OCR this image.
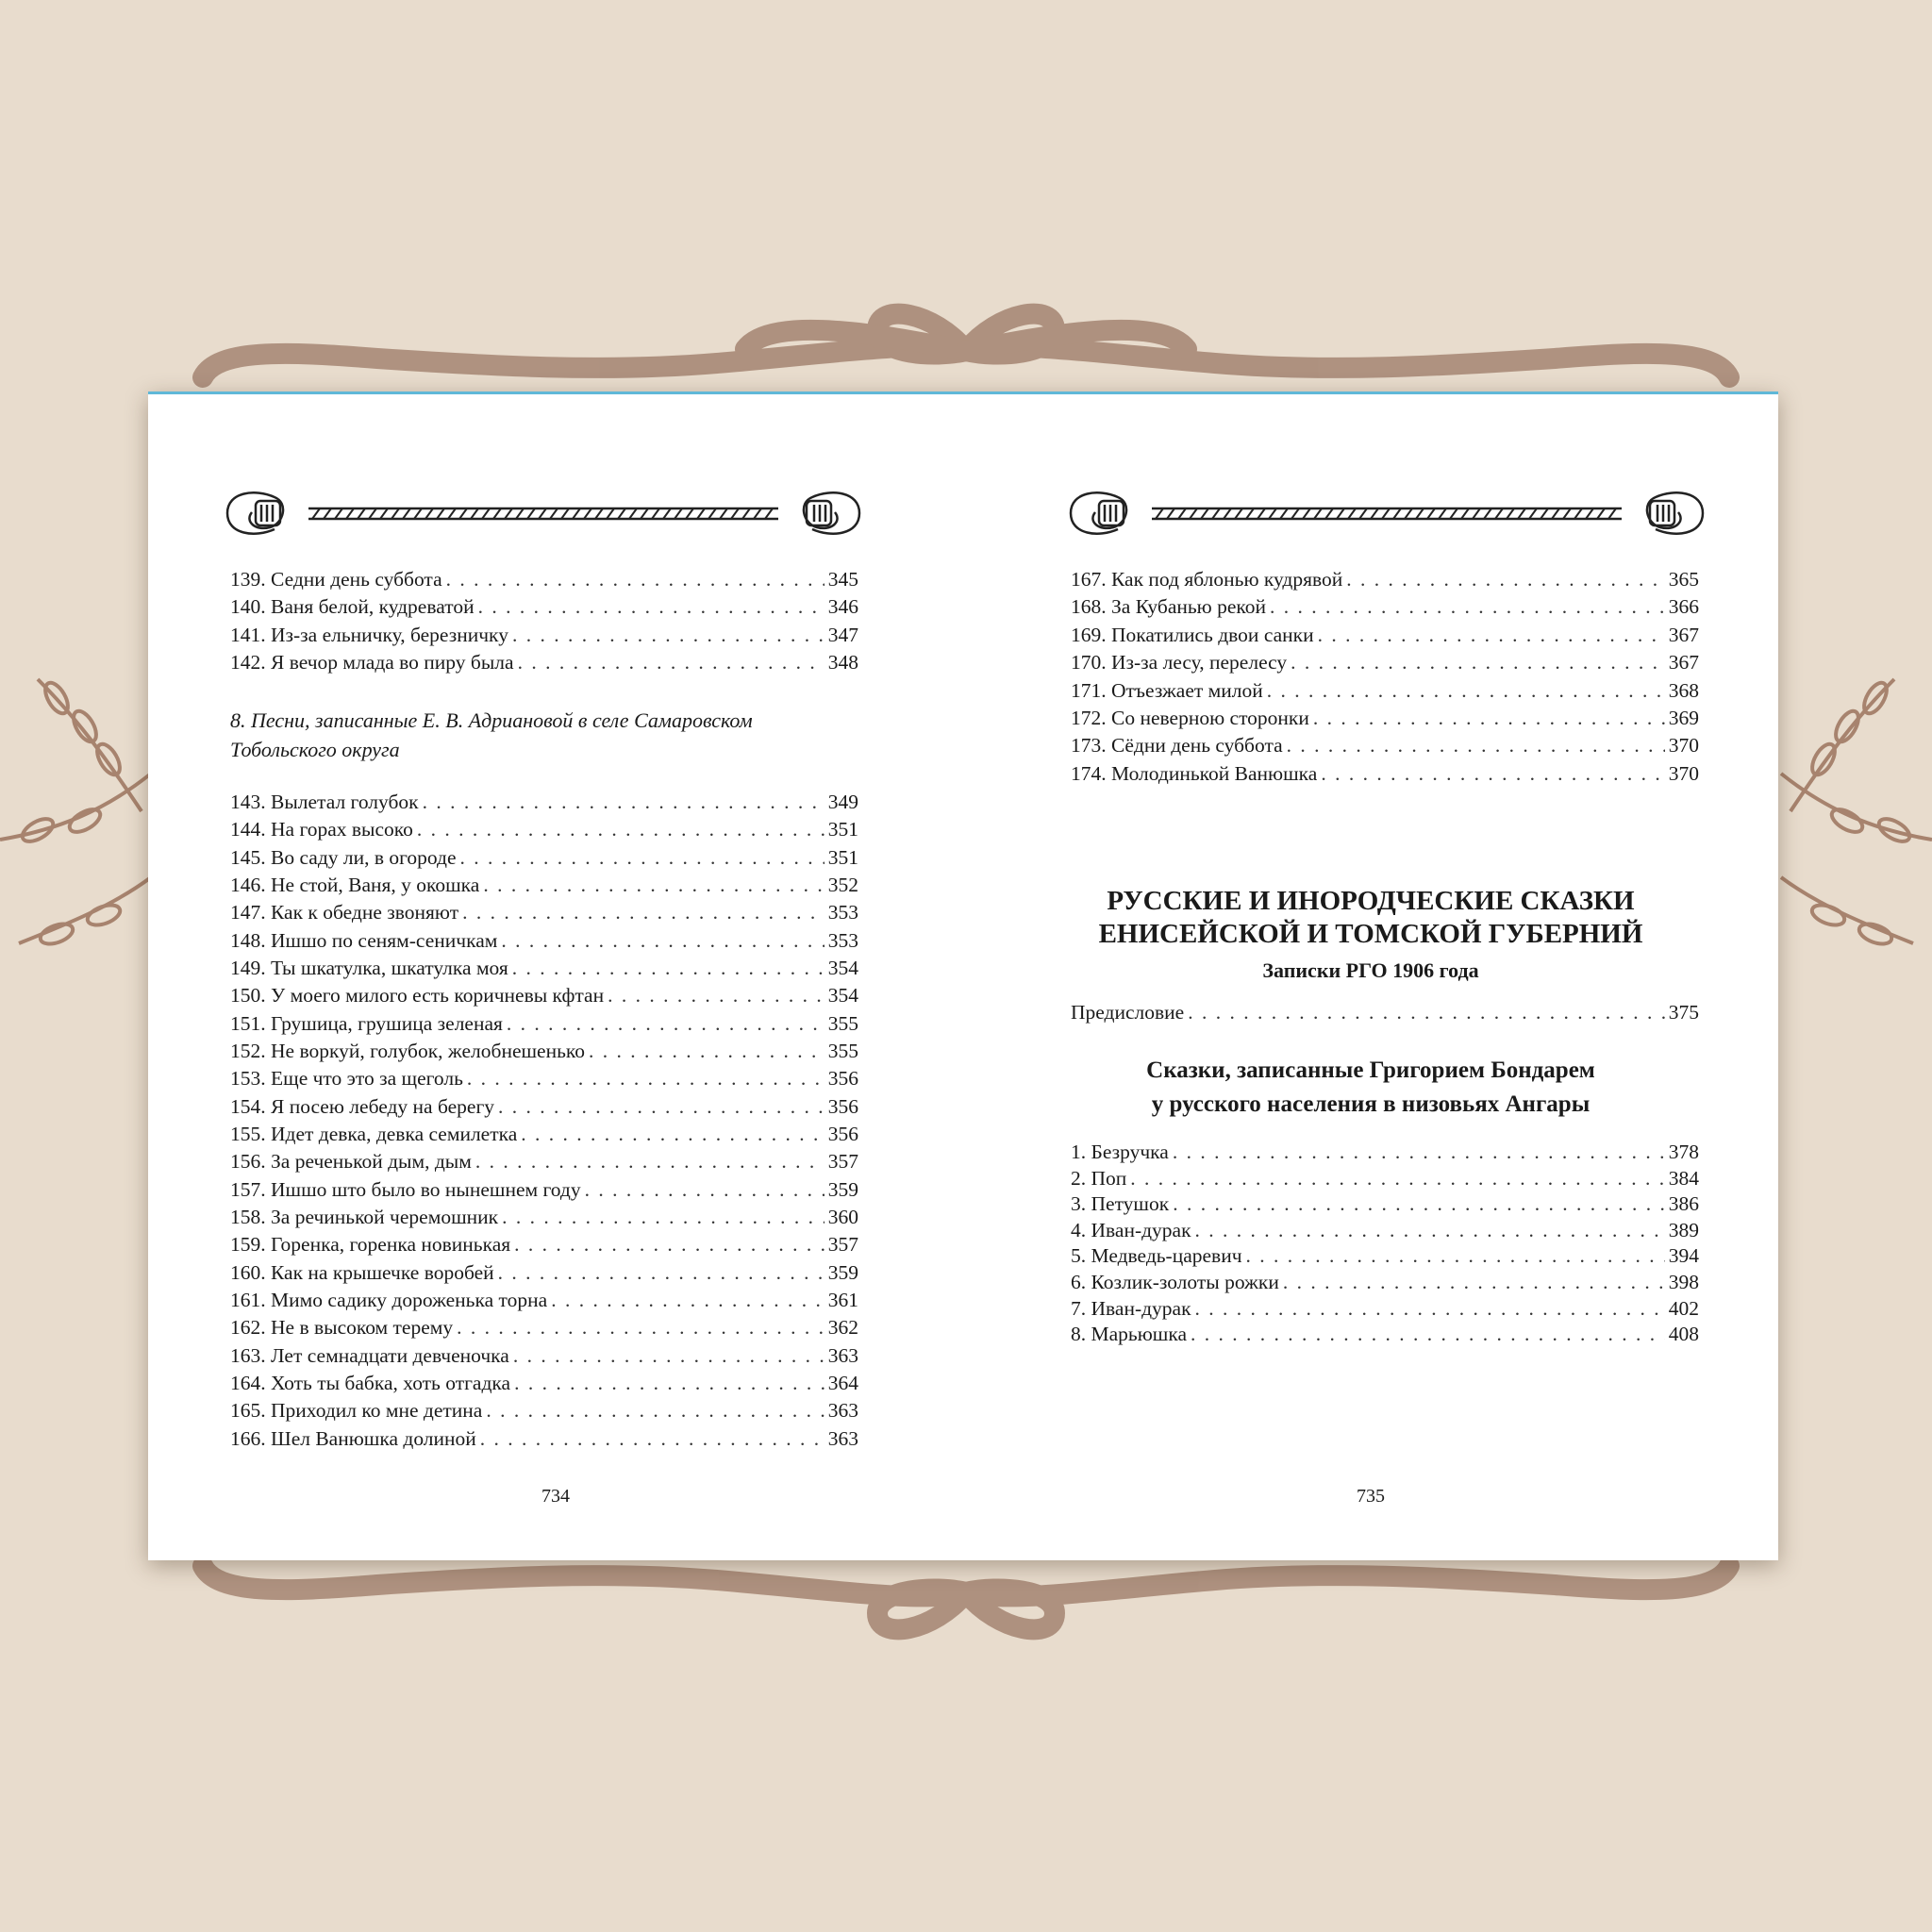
139. Седни день суббота . . .	345
140. Ваня белой, кудреватой . . .	346
141. Из-за ельничку, березничку . . .	347
142. Я вечор млада во пиру была . . .	348
8. Песни, записанные Е. В. Адриановой в селе Самаровском Тобольского округа
143. Вылетал голубок . . .	349
144. На горах высоко . . .	351
145. Во саду ли, в огороде . . .	351
146. Не стой, Ваня, у окошка . . .	352
147. Как к обедне звоняют . . .	353
148. Ишшо по сеням-сеничкам . . .	353
149. Ты шкатулка, шкатулка моя . . .	354
150. У моего милого есть коричневы кфтан . . .	354
151. Грушица, грушица зеленая . . .	355
152. Не воркуй, голубок, желобнешенько . . .	355
153. Еще что это за щеголь . . .	356
154. Я посею лебеду на берегу . . .	356
155. Идет девка, девка семилетка . . .	356
156. За реченькой дым, дым . . .	357
157. Ишшо што было во нынешнем году . . .	359
158. За речинькой черемошник . . .	360
159. Горенка, горенка новинькая . . .	357
160. Как на крышечке воробей . . .	359
161. Мимо садику дороженька торна . . .	361
162. Не в высоком терему . . .	362
163. Лет семнадцати девченочка . . .	363
164. Хоть ты бабка, хоть отгадка . . .	364
165. Приходил ко мне детина . . .	363
166. Шел Ванюшка долиной . . .	363
734
167. Как под яблонью кудрявой . . .	365
168. За Кубанью рекой . . .	366
169. Покатились двои санки . . .	367
170. Из-за лесу, перелесу . . .	367
171. Отъезжает милой . . .	368
172. Со неверною сторонки . . .	369
173. Сёдни день суббота . . .	370
174. Молодинькой Ванюшка . . .	370
РУССКИЕ И ИНОРОДЧЕСКИЕ СКАЗКИ
ЕНИСЕЙСКОЙ И ТОМСКОЙ ГУБЕРНИЙ
Записки РГО 1906 года
Предисловие . . .	375
Сказки, записанные Григорием Бондарем
у русского населения в низовьях Ангары
1. Безручка . . .	378
2. Поп . . .	384
3. Петушок . . .	386
4. Иван-дурак . . .	389
5. Медведь-царевич . . .	394
6. Козлик-золоты рожки . . .	398
7. Иван-дурак . . .	402
8. Марьюшка . . .	408
735
